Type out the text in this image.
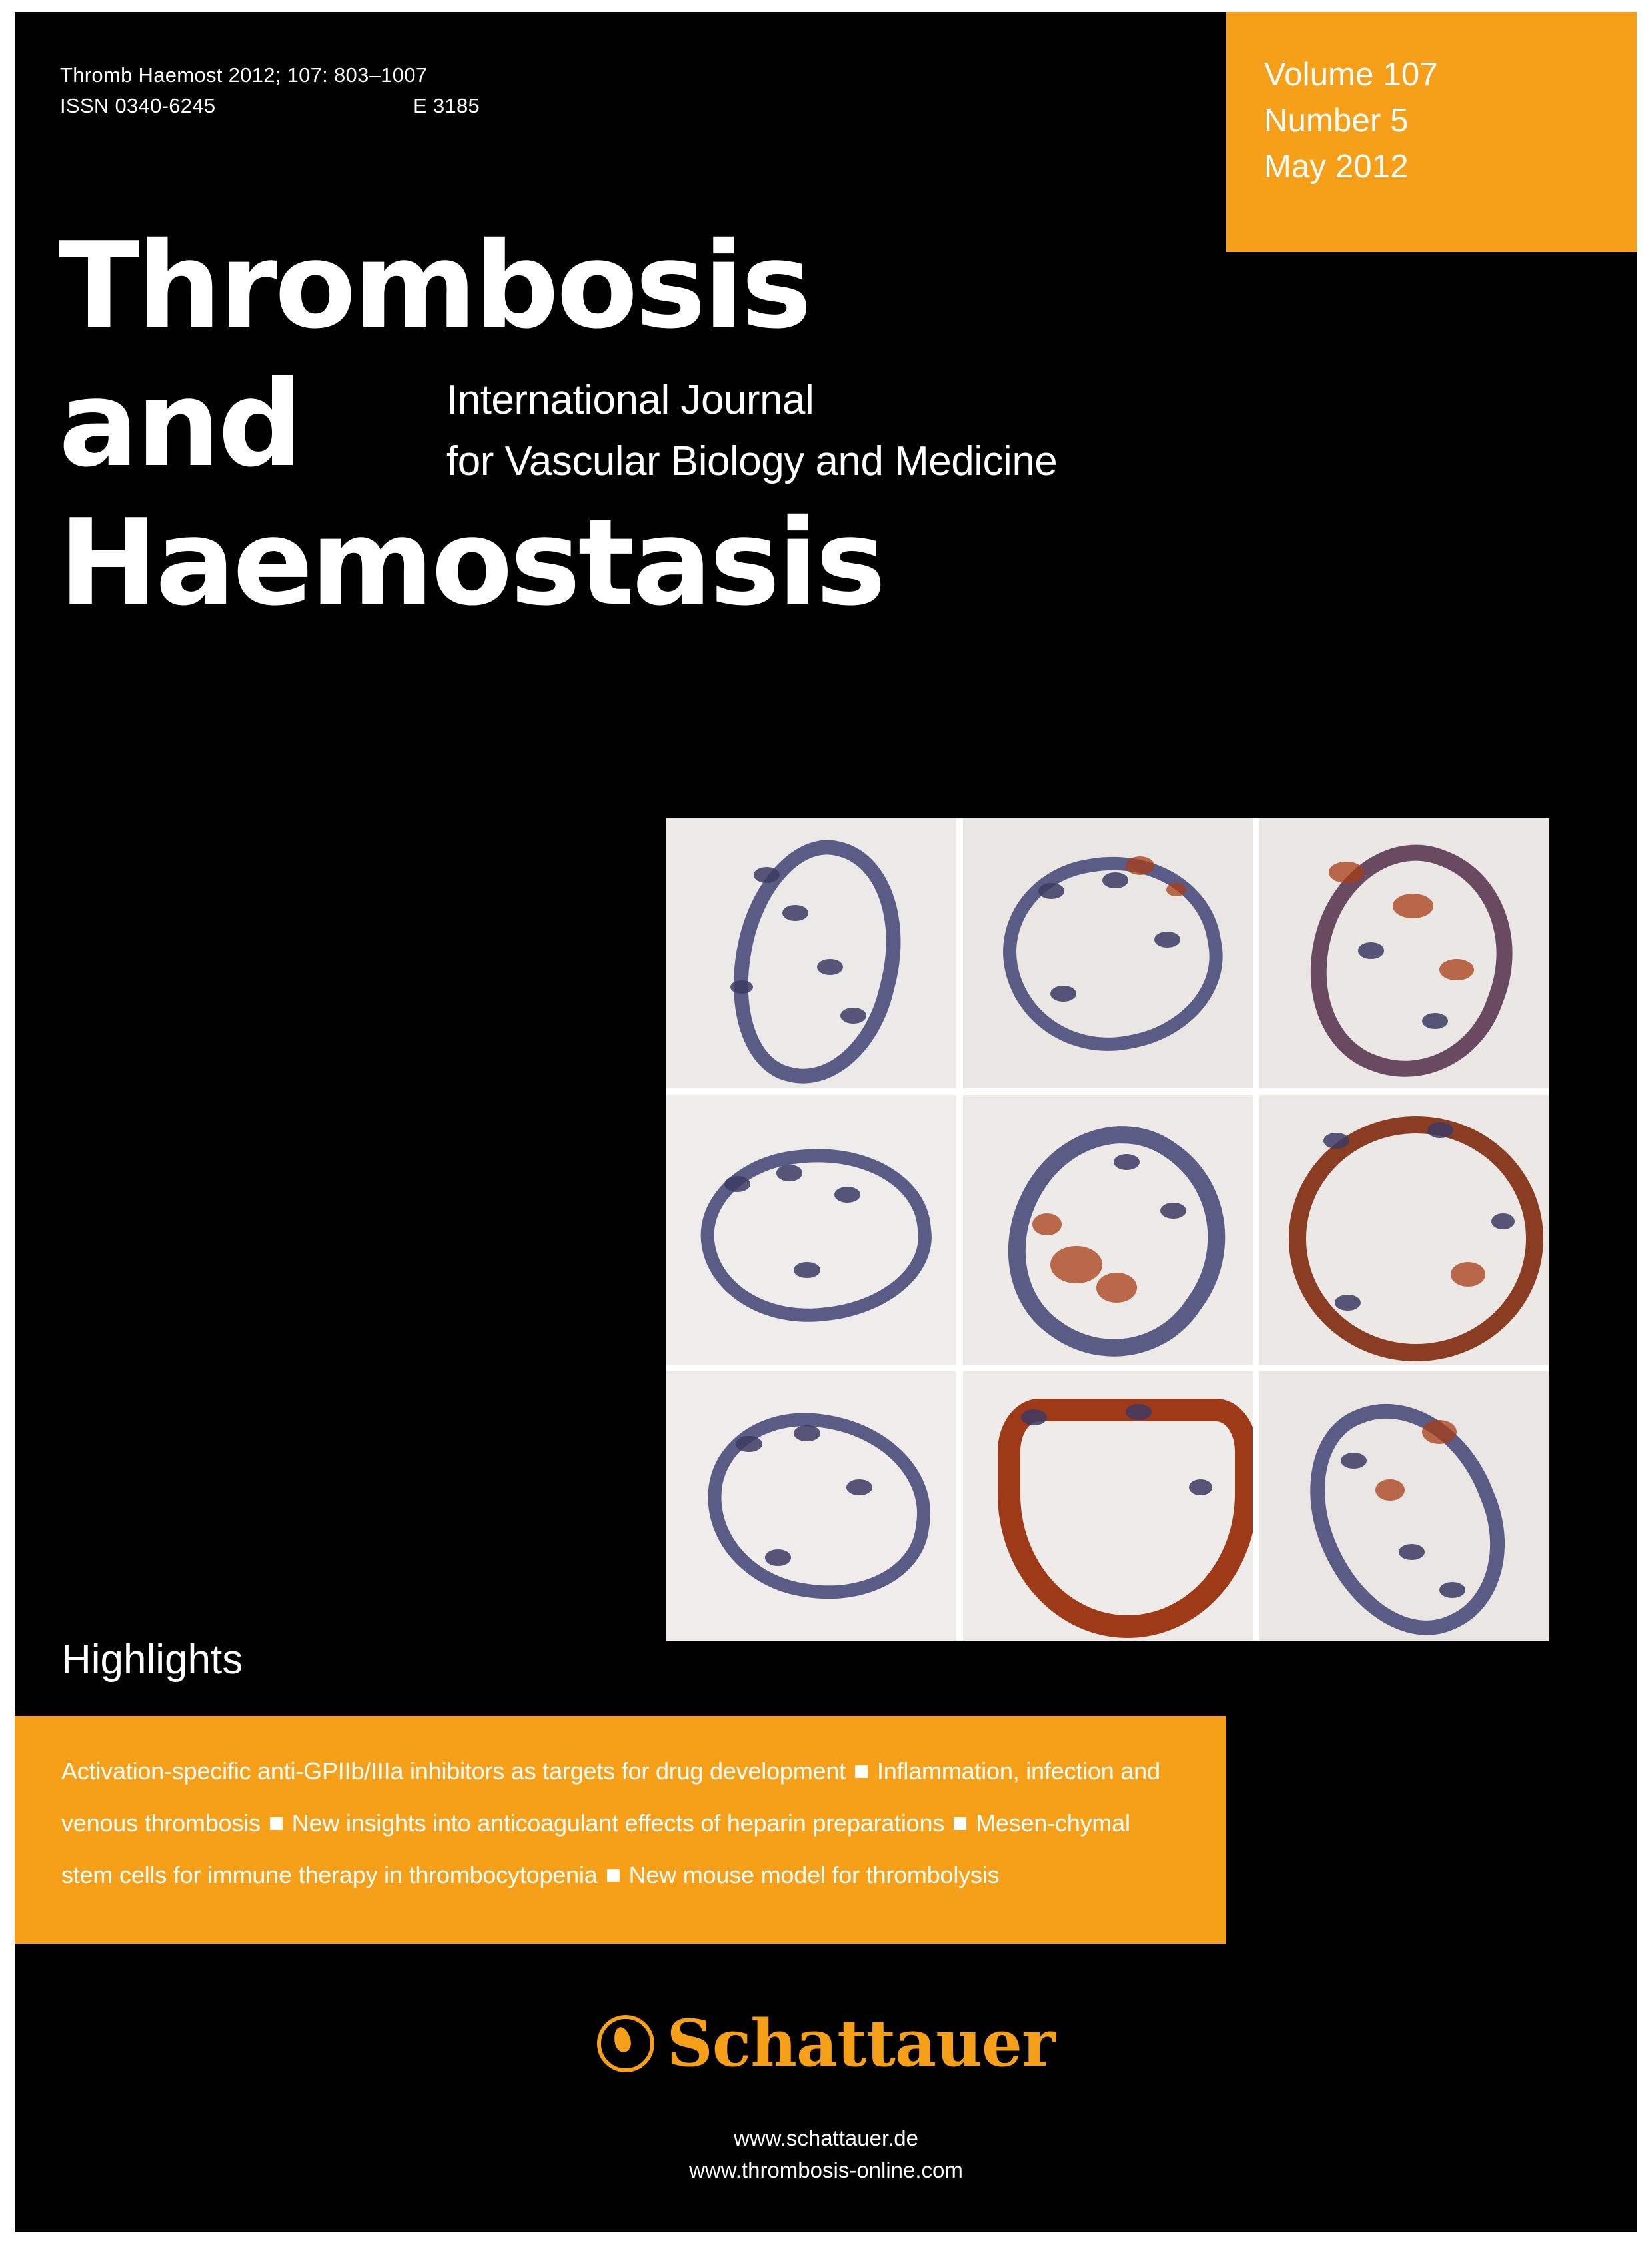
Volume 107
Number 5
May 2012
Thromb Haemost 2012; 107: 803–1007
ISSN 0340-6245	E 3185
Thrombosis
and	International Journal
for Vascular Biology and Medicine
Haemostasis
Highlights
Activation-specific anti-GPIIb/IIIa inhibitors as targets for drug development Inflammation, infection and venous thrombosis New insights into anticoagulant effects of heparin preparations Mesen-chymal stem cells for immune therapy in thrombocytopenia New mouse model for thrombolysis
Schattauer
www.schattauer.de
www.thrombosis-online.com
